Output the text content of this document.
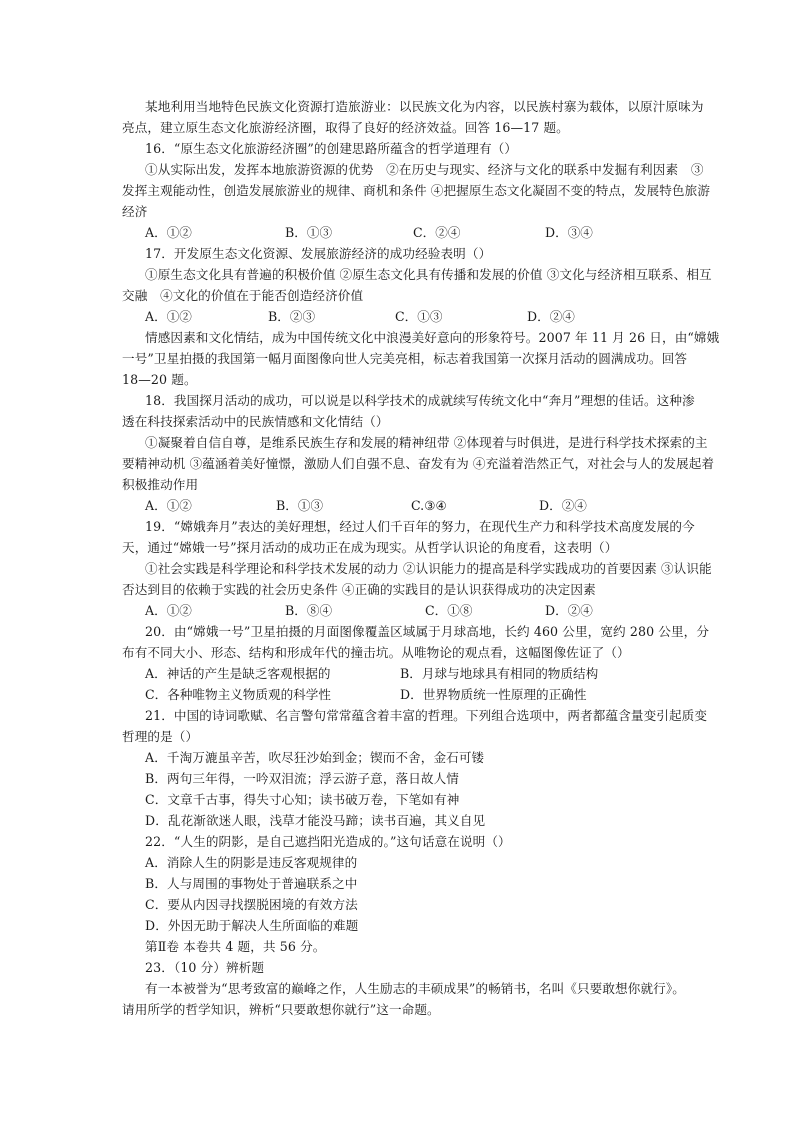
某地利用当地特色民族文化资源打造旅游业：以民族文化为内容，以民族村寨为载体，以原汁原味为
亮点，建立原生态文化旅游经济圈，取得了良好的经济效益。回答 16—17 题。
16．“原生态文化旅游经济圈”的创建思路所蕴含的哲学道理有（）
①从实际出发，发挥本地旅游资源的优势　②在历史与现实、经济与文化的联系中发掘有利因素　③
发挥主观能动性，创造发展旅游业的规律、商机和条件 ④把握原生态文化凝固不变的特点，发展特色旅游
经济
A．①②	B．①③	C．②④	D．③④
17．开发原生态文化资源、发展旅游经济的成功经验表明（）
①原生态文化具有普遍的积极价值 ②原生态文化具有传播和发展的价值 ③文化与经济相互联系、相互
交融　④文化的价值在于能否创造经济价值
A．①②	B．②③	C．①③	D．②④
情感因素和文化情结，成为中国传统文化中浪漫美好意向的形象符号。2007 年 11 月 26 日，由“嫦娥
一号”卫星拍摄的我国第一幅月面图像向世人完美亮相，标志着我国第一次探月活动的圆满成功。回答
18—20 题。
18．我国探月活动的成功，可以说是以科学技术的成就续写传统文化中“奔月”理想的佳话。这种渗
透在科技探索活动中的民族情感和文化情结（）
①凝聚着自信自尊，是维系民族生存和发展的精神纽带 ②体现着与时俱进，是进行科学技术探索的主
要精神动机 ③蕴涵着美好憧憬，激励人们自强不息、奋发有为 ④充溢着浩然正气，对社会与人的发展起着
积极推动作用
A．①②	B．①③	C.③④	D．②④
19．“嫦娥奔月”表达的美好理想，经过人们千百年的努力，在现代生产力和科学技术高度发展的今
天，通过“嫦娥一号”探月活动的成功正在成为现实。从哲学认识论的角度看，这表明（）
①社会实践是科学理论和科学技术发展的动力 ②认识能力的提高是科学实践成功的首要因素 ③认识能
否达到目的依赖于实践的社会历史条件 ④正确的实践目的是认识获得成功的决定因素
A．①②	B．⑧④	C．①⑧	D．②④
20．由“嫦娥一号”卫星拍摄的月面图像覆盖区域属于月球高地，长约 460 公里，宽约 280 公里，分
布有不同大小、形态、结构和形成年代的撞击坑。从唯物论的观点看，这幅图像佐证了（）
A．神话的产生是缺乏客观根据的	B．月球与地球具有相同的物质结构
C．各种唯物主义物质观的科学性	D．世界物质统一性原理的正确性
21．中国的诗词歌赋、名言警句常常蕴含着丰富的哲理。下列组合选项中，两者都蕴含量变引起质变
哲理的是（）
A．千淘万漉虽辛苦，吹尽狂沙始到金；锲而不舍，金石可镂
B．两句三年得，一吟双泪流；浮云游子意，落日故人情
C．文章千古事，得失寸心知；读书破万卷，下笔如有神
D．乱花渐欲迷人眼，浅草才能没马蹄；读书百遍，其义自见
22．“人生的阴影，是自己遮挡阳光造成的。”这句话意在说明（）
A．消除人生的阴影是违反客观规律的
B．人与周围的事物处于普遍联系之中
C．要从内因寻找摆脱困境的有效方法
D．外因无助于解决人生所面临的难题
第Ⅱ卷 本卷共 4 题，共 56 分。
23．（10 分）辨析题
有一本被誉为“思考致富的巅峰之作，人生励志的丰硕成果”的畅销书，名叫《只要敢想你就行》。
请用所学的哲学知识，辨析“只要敢想你就行”这一命题。
